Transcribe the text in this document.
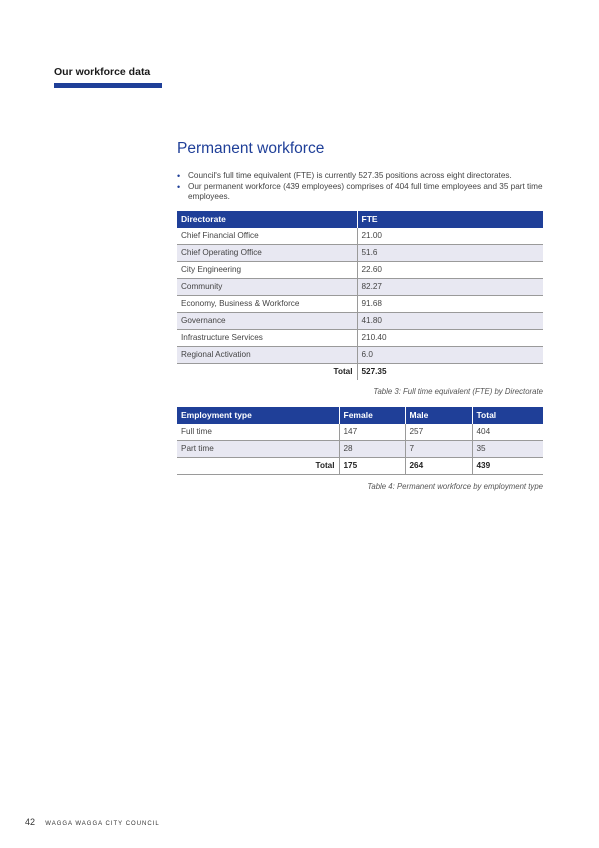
Our workforce data
Permanent workforce
• Council's full time equivalent (FTE) is currently 527.35 positions across eight directorates.
• Our permanent workforce (439 employees) comprises of 404 full time employees and 35 part time employees.
Directorate	FTE
Chief Financial Office	21.00
Chief Operating Office	51.6
City Engineering	22.60
Community	82.27
Economy, Business & Workforce	91.68
Governance	41.80
Infrastructure Services	210.40
Regional Activation	6.0
Total	527.35
Table 3: Full time equivalent (FTE) by Directorate
Employment type	Female	Male	Total
Full time	147	257	404
Part time	28	7	35
Total	175	264	439
Table 4: Permanent workforce by employment type
42 WAGGA WAGGA CITY COUNCIL
